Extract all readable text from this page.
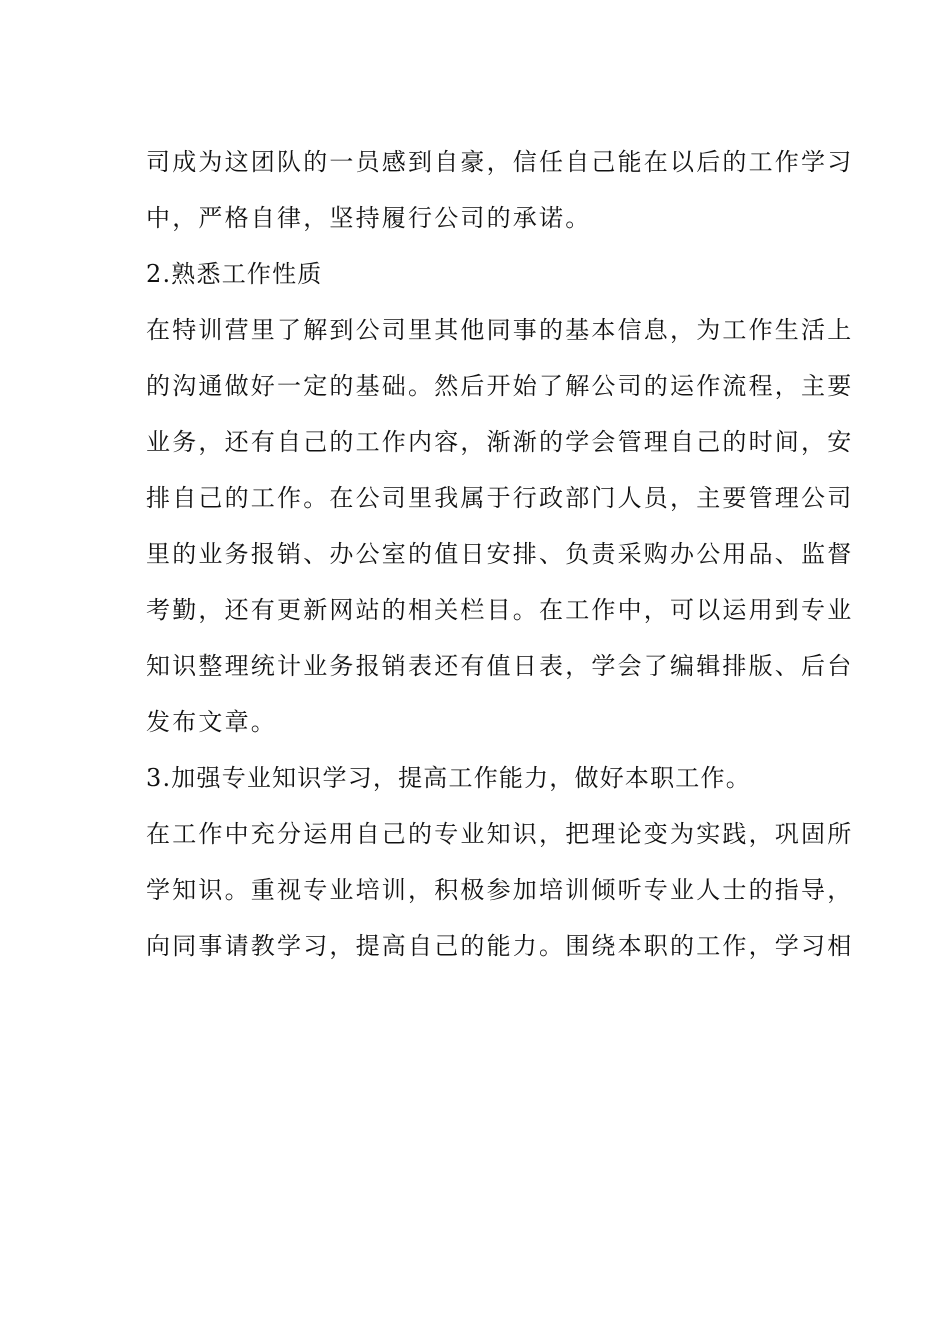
司成为这团队的一员感到自豪，信任自己能在以后的工作学习
中，严格自律，坚持履行公司的承诺。
2.熟悉工作性质
在特训营里了解到公司里其他同事的基本信息，为工作生活上
的沟通做好一定的基础。然后开始了解公司的运作流程，主要
业务，还有自己的工作内容，渐渐的学会管理自己的时间，安
排自己的工作。在公司里我属于行政部门人员，主要管理公司
里的业务报销、办公室的值日安排、负责采购办公用品、监督
考勤，还有更新网站的相关栏目。在工作中，可以运用到专业
知识整理统计业务报销表还有值日表，学会了编辑排版、后台
发布文章。
3.加强专业知识学习，提高工作能力，做好本职工作。
在工作中充分运用自己的专业知识，把理论变为实践，巩固所
学知识。重视专业培训，积极参加培训倾听专业人士的指导，
向同事请教学习，提高自己的能力。围绕本职的工作，学习相
